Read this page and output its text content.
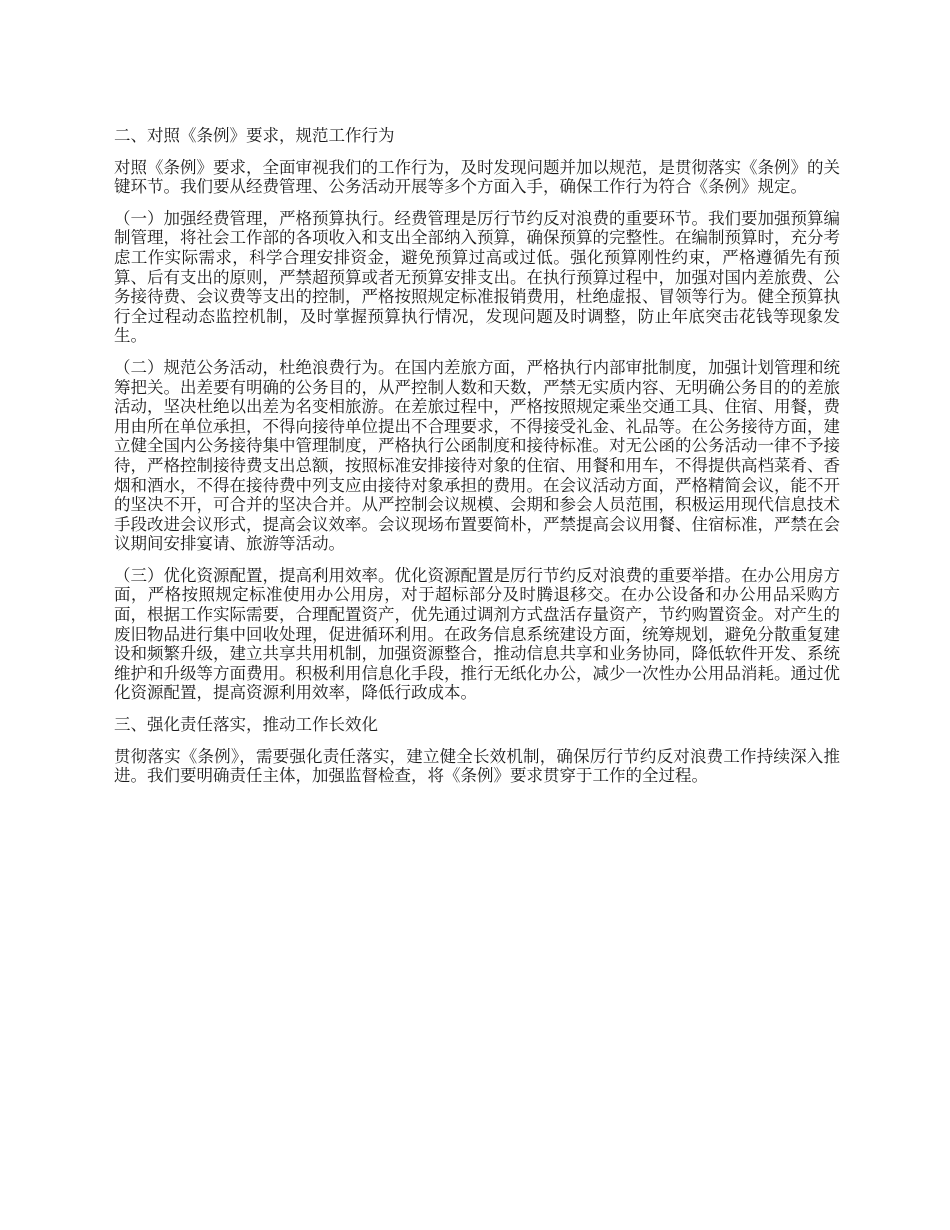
二、对照《条例》要求，规范工作行为

对照《条例》要求，全面审视我们的工作行为，及时发现问题并加以规范，是贯彻落实《条例》的关键环节。我们要从经费管理、公务活动开展等多个方面入手，确保工作行为符合《条例》规定。

（一）加强经费管理，严格预算执行。经费管理是厉行节约反对浪费的重要环节。我们要加强预算编制管理，将社会工作部的各项收入和支出全部纳入预算，确保预算的完整性。在编制预算时，充分考虑工作实际需求，科学合理安排资金，避免预算过高或过低。强化预算刚性约束，严格遵循先有预算、后有支出的原则，严禁超预算或者无预算安排支出。在执行预算过程中，加强对国内差旅费、公务接待费、会议费等支出的控制，严格按照规定标准报销费用，杜绝虚报、冒领等行为。健全预算执行全过程动态监控机制，及时掌握预算执行情况，发现问题及时调整，防止年底突击花钱等现象发生。

（二）规范公务活动，杜绝浪费行为。在国内差旅方面，严格执行内部审批制度，加强计划管理和统筹把关。出差要有明确的公务目的，从严控制人数和天数，严禁无实质内容、无明确公务目的的差旅活动，坚决杜绝以出差为名变相旅游。在差旅过程中，严格按照规定乘坐交通工具、住宿、用餐，费用由所在单位承担，不得向接待单位提出不合理要求，不得接受礼金、礼品等。在公务接待方面，建立健全国内公务接待集中管理制度，严格执行公函制度和接待标准。对无公函的公务活动一律不予接待，严格控制接待费支出总额，按照标准安排接待对象的住宿、用餐和用车，不得提供高档菜肴、香烟和酒水，不得在接待费中列支应由接待对象承担的费用。在会议活动方面，严格精简会议，能不开的坚决不开，可合并的坚决合并。从严控制会议规模、会期和参会人员范围，积极运用现代信息技术手段改进会议形式，提高会议效率。会议现场布置要简朴，严禁提高会议用餐、住宿标准，严禁在会议期间安排宴请、旅游等活动。

（三）优化资源配置，提高利用效率。优化资源配置是厉行节约反对浪费的重要举措。在办公用房方面，严格按照规定标准使用办公用房，对于超标部分及时腾退移交。在办公设备和办公用品采购方面，根据工作实际需要，合理配置资产，优先通过调剂方式盘活存量资产，节约购置资金。对产生的废旧物品进行集中回收处理，促进循环利用。在政务信息系统建设方面，统筹规划，避免分散重复建设和频繁升级，建立共享共用机制，加强资源整合，推动信息共享和业务协同，降低软件开发、系统维护和升级等方面费用。积极利用信息化手段，推行无纸化办公，减少一次性办公用品消耗。通过优化资源配置，提高资源利用效率，降低行政成本。

三、强化责任落实，推动工作长效化

贯彻落实《条例》，需要强化责任落实，建立健全长效机制，确保厉行节约反对浪费工作持续深入推进。我们要明确责任主体，加强监督检查，将《条例》要求贯穿于工作的全过程。
